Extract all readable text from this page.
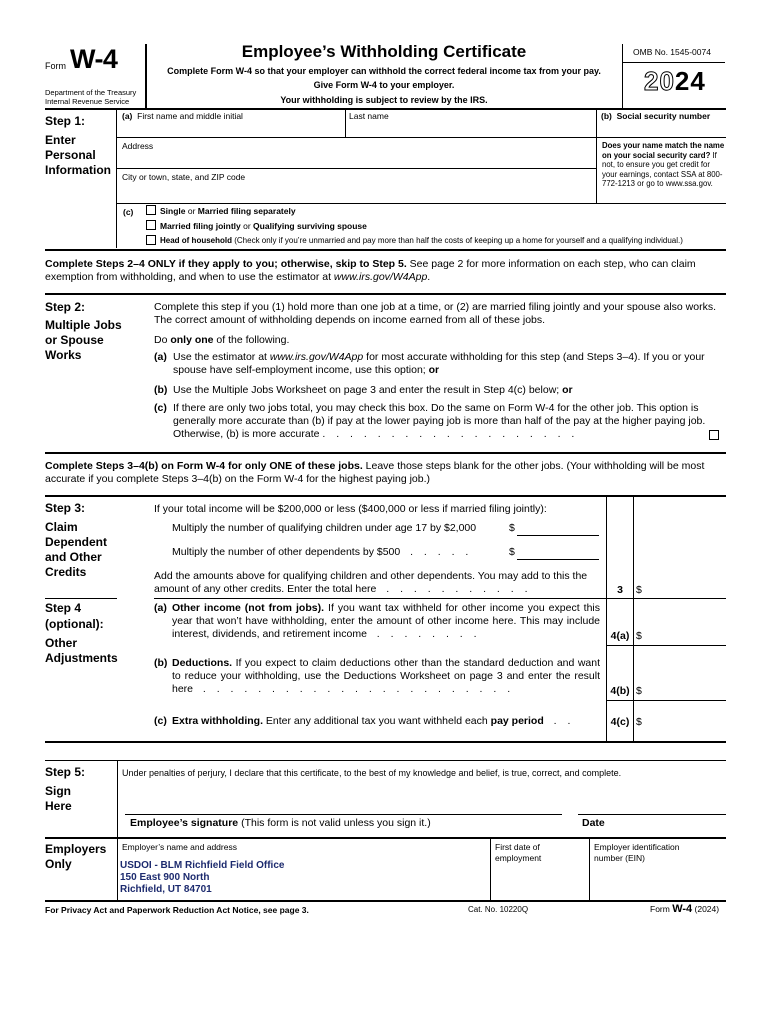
Form W-4
Department of the Treasury
Internal Revenue Service
Employee’s Withholding Certificate
Complete Form W-4 so that your employer can withhold the correct federal income tax from your pay.
Give Form W-4 to your employer.
Your withholding is subject to review by the IRS.
OMB No. 1545-0074
2024
Step 1:
Enter
Personal
Information
(a) First name and middle initial	Last name	(b) Social security number
Address	Does your name match the name on your social security card? If not, to ensure you get credit for your earnings, contact SSA at 800-772-1213 or go to www.ssa.gov.
City or town, state, and ZIP code
(c)	Single or Married filing separately
Married filing jointly or Qualifying surviving spouse
Head of household (Check only if you’re unmarried and pay more than half the costs of keeping up a home for yourself and a qualifying individual.)
Complete Steps 2–4 ONLY if they apply to you; otherwise, skip to Step 5. See page 2 for more information on each step, who can claim exemption from withholding, and when to use the estimator at www.irs.gov/W4App.
Step 2:
Multiple Jobs
or Spouse
Works
Complete this step if you (1) hold more than one job at a time, or (2) are married filing jointly and your spouse also works. The correct amount of withholding depends on income earned from all of these jobs.
Do only one of the following.
(a) Use the estimator at www.irs.gov/W4App for most accurate withholding for this step (and Steps 3–4). If you or your spouse have self-employment income, use this option; or
(b) Use the Multiple Jobs Worksheet on page 3 and enter the result in Step 4(c) below; or
(c) If there are only two jobs total, you may check this box. Do the same on Form W-4 for the other job. This option is generally more accurate than (b) if pay at the lower paying job is more than half of the pay at the higher paying job. Otherwise, (b) is more accurate . . . . . . . . . . . . . . . . . . .
Complete Steps 3–4(b) on Form W-4 for only ONE of these jobs. Leave those steps blank for the other jobs. (Your withholding will be most accurate if you complete Steps 3–4(b) on the Form W-4 for the highest paying job.)
Step 3:
Claim
Dependent
and Other
Credits
If your total income will be $200,000 or less ($400,000 or less if married filing jointly):
Multiply the number of qualifying children under age 17 by $2,000	$
Multiply the number of other dependents by $500  . . . . .	$
Add the amounts above for qualifying children and other dependents. You may add to this the amount of any other credits. Enter the total here  . . . . . . . . . . .	3	$
Step 4
(optional):
Other
Adjustments
(a) Other income (not from jobs). If you want tax withheld for other income you expect this year that won’t have withholding, enter the amount of other income here. This may include interest, dividends, and retirement income  . . . . . . . .	4(a) $
(b) Deductions. If you expect to claim deductions other than the standard deduction and want to reduce your withholding, use the Deductions Worksheet on page 3 and enter the result here  . . . . . . . . . . . . . . . . . . . . . . .	4(b) $
(c) Extra withholding. Enter any additional tax you want withheld each pay period  . .	4(c) $
Step 5:
Sign
Here
Under penalties of perjury, I declare that this certificate, to the best of my knowledge and belief, is true, correct, and complete.
Employee’s signature (This form is not valid unless you sign it.)	Date
Employers
Only
Employer’s name and address
USDOI - BLM Richfield Field Office
150 East 900 North
Richfield, UT 84701
First date of
employment
Employer identification
number (EIN)
For Privacy Act and Paperwork Reduction Act Notice, see page 3.	Cat. No. 10220Q	Form W-4 (2024)
